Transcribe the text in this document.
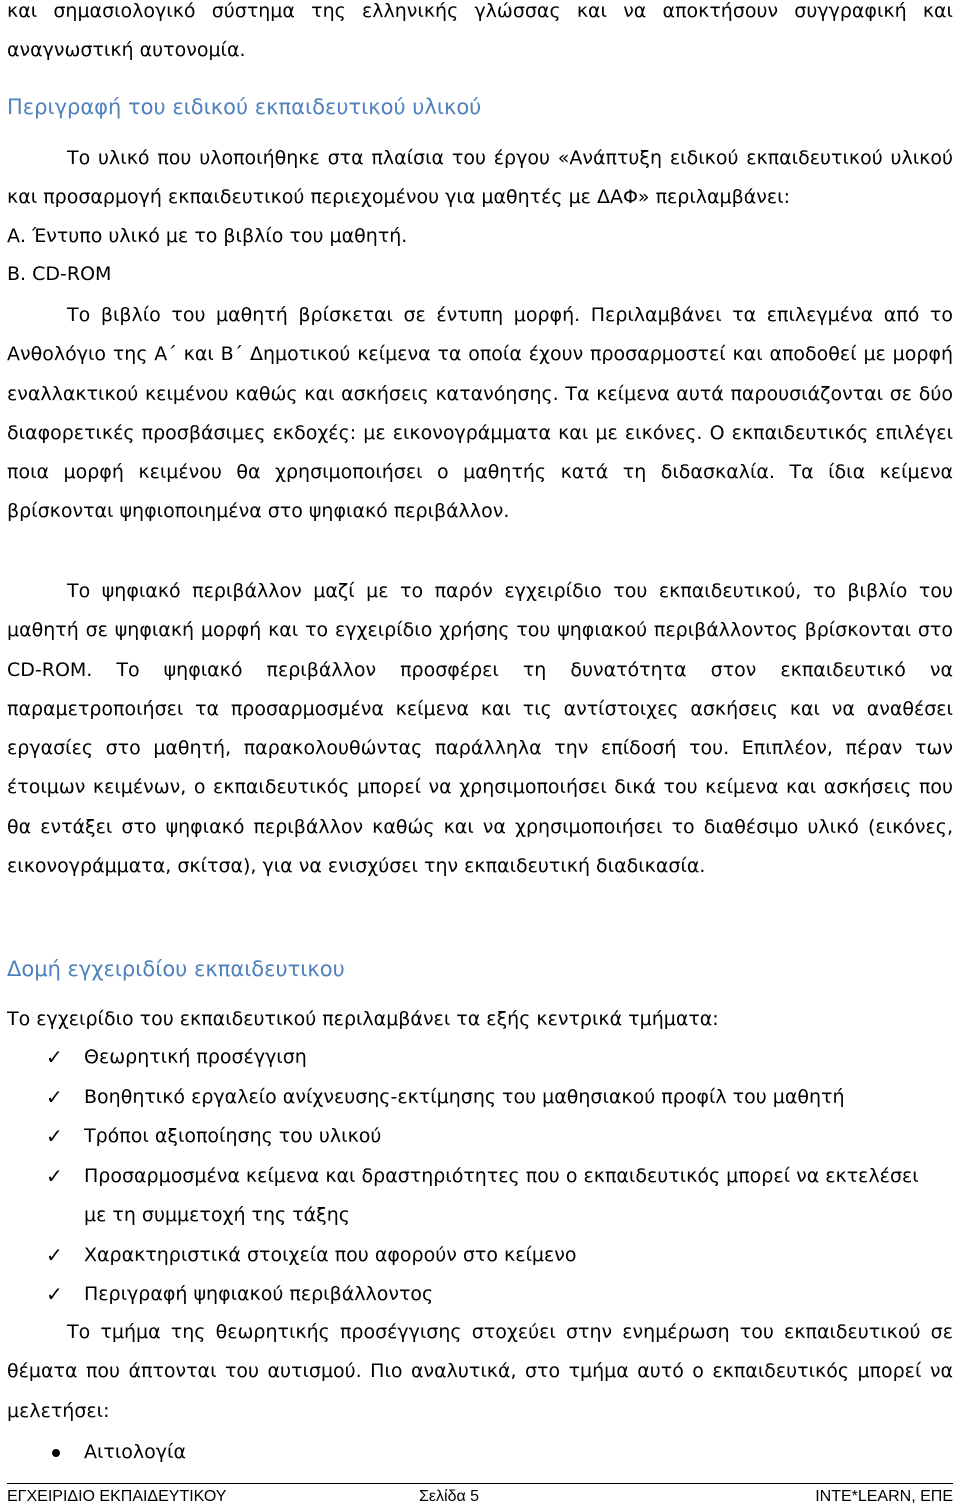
και σημασιολογικό σύστημα της ελληνικής γλώσσας και να αποκτήσουν συγγραφική και αναγνωστική αυτονομία.

Περιγραφή του ειδικού εκπαιδευτικού υλικού

Το υλικό που υλοποιήθηκε στα πλαίσια του έργου «Ανάπτυξη ειδικού εκπαιδευτικού υλικού και προσαρμογή εκπαιδευτικού περιεχομένου για μαθητές με ΔΑΦ» περιλαμβάνει:

Α. Έντυπο υλικό με το βιβλίο του μαθητή.

Β. CD-ROM

Το βιβλίο του μαθητή βρίσκεται σε έντυπη μορφή. Περιλαμβάνει τα επιλεγμένα από το Ανθολόγιο της Α΄ και Β΄ Δημοτικού κείμενα τα οποία έχουν προσαρμοστεί και αποδοθεί με μορφή εναλλακτικού κειμένου καθώς και ασκήσεις κατανόησης. Τα κείμενα αυτά παρουσιάζονται σε δύο διαφορετικές προσβάσιμες εκδοχές: με εικονογράμματα και με εικόνες. Ο εκπαιδευτικός επιλέγει ποια μορφή κειμένου θα χρησιμοποιήσει ο μαθητής κατά τη διδασκαλία. Τα ίδια κείμενα βρίσκονται ψηφιοποιημένα στο ψηφιακό περιβάλλον.

Το ψηφιακό περιβάλλον μαζί με το παρόν εγχειρίδιο του εκπαιδευτικού, το βιβλίο του μαθητή σε ψηφιακή μορφή και το εγχειρίδιο χρήσης του ψηφιακού περιβάλλοντος βρίσκονται στο CD-ROM. Το ψηφιακό περιβάλλον προσφέρει τη δυνατότητα στον εκπαιδευτικό να παραμετροποιήσει τα προσαρμοσμένα κείμενα και τις αντίστοιχες ασκήσεις και να αναθέσει εργασίες στο μαθητή, παρακολουθώντας παράλληλα την επίδοσή του. Επιπλέον, πέραν των έτοιμων κειμένων, ο εκπαιδευτικός μπορεί να χρησιμοποιήσει δικά του κείμενα και ασκήσεις που θα εντάξει στο ψηφιακό περιβάλλον καθώς και να χρησιμοποιήσει το διαθέσιμο υλικό (εικόνες, εικονογράμματα, σκίτσα), για να ενισχύσει την εκπαιδευτική διαδικασία.

Δομή εγχειριδίου εκπαιδευτικου

Το εγχειρίδιο του εκπαιδευτικού περιλαμβάνει τα εξής κεντρικά τμήματα:

✓ Θεωρητική προσέγγιση
✓ Βοηθητικό εργαλείο ανίχνευσης-εκτίμησης του μαθησιακού προφίλ του μαθητή
✓ Τρόποι αξιοποίησης του υλικού
✓ Προσαρμοσμένα κείμενα και δραστηριότητες που ο εκπαιδευτικός μπορεί να εκτελέσει με τη συμμετοχή της τάξης
✓ Χαρακτηριστικά στοιχεία που αφορούν στο κείμενο
✓ Περιγραφή ψηφιακού περιβάλλοντος

Το τμήμα της θεωρητικής προσέγγισης στοχεύει στην ενημέρωση του εκπαιδευτικού σε θέματα που άπτονται του αυτισμού. Πιο αναλυτικά, στο τμήμα αυτό ο εκπαιδευτικός μπορεί να μελετήσει:

Αιτιολογία
ΕΓΧΕΙΡΙΔΙΟ ΕΚΠΑΙΔΕΥΤΙΚΟΥ	Σελίδα 5	INTE*LEARN, ΕΠΕ
